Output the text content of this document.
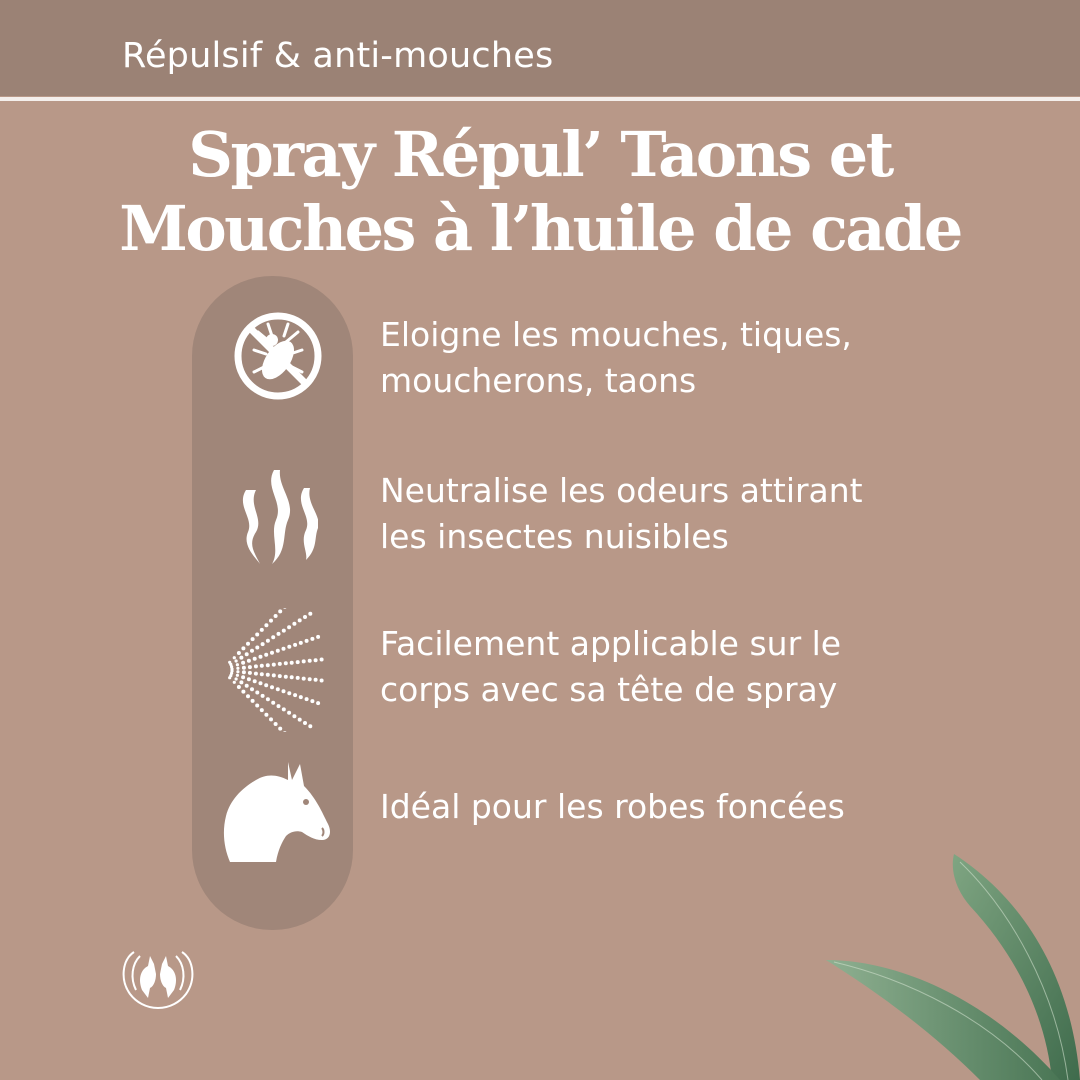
Répulsif & anti-mouches
Spray Répul’ Taons et
Mouches à l’huile de cade
Eloigne les mouches, tiques,
moucherons, taons
Neutralise les odeurs attirant
les insectes nuisibles
Facilement applicable sur le
corps avec sa tête de spray
Idéal pour les robes foncées
